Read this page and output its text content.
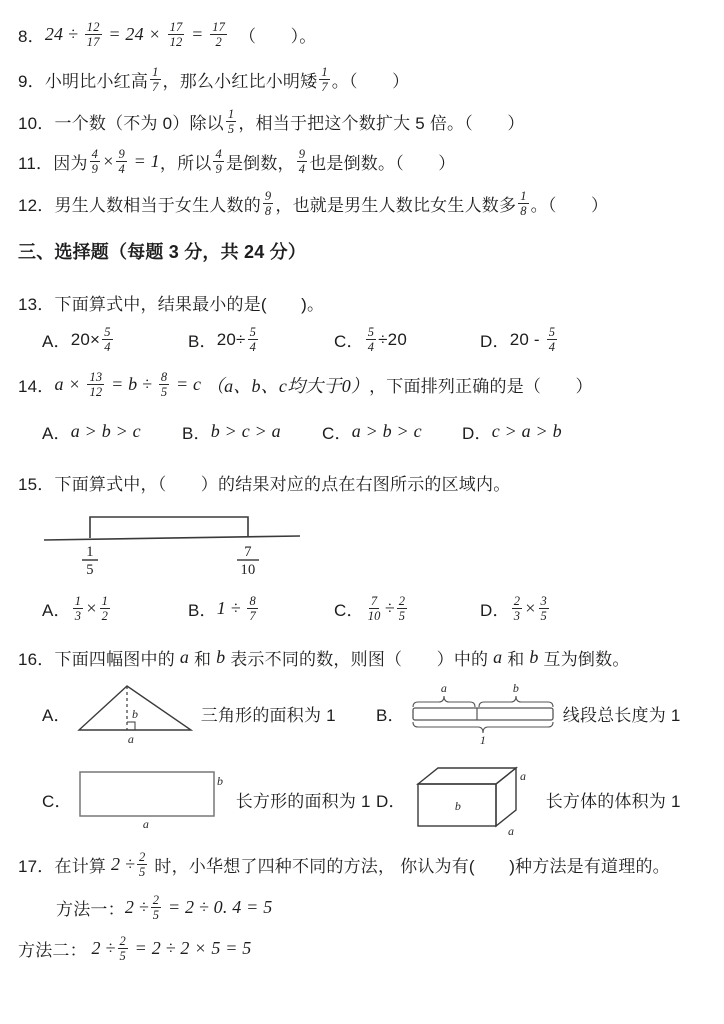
8． $24 \div \frac{12}{17} = 24 \times \frac{17}{12} = \frac{17}{2}$ （　　）。
9．小明比小红高 $\frac{1}{7}$ ，那么小红比小明矮 $\frac{1}{7}$ 。（　　）
10．一个数（不为 0）除以 $\frac{1}{5}$ ，相当于把这个数扩大 5 倍。（　　）
11．因为 $\frac{4}{9} \times \frac{9}{4} = 1$ ，所以 $\frac{4}{9}$ 是倒数， $\frac{9}{4}$ 也是倒数。（　　）
12．男生人数相当于女生人数的 $\frac{9}{8}$ ，也就是男生人数比女生人数多 $\frac{1}{8}$ 。（　　）
三、选择题（每题 3 分，共 24 分）
13．下面算式中，结果最小的是(　　)。
A． $20\times \frac{5}{4}$	B． $20\div \frac{5}{4}$	C． $\frac{5}{4} \div 20$	D． $20 - \frac{5}{4}$
14． $a \times \frac{13}{12} = b \div \frac{8}{5} = c$ （a、b、c均大于0） ，下面排列正确的是（　　）
A． a > b > c B． b > c > a C． a > b > c D． c > a > b
15．下面算式中，（　　）的结果对应的点在右图所示的区域内。
1
5
7
10
A． $\frac{1}{3} \times \frac{1}{2}$	B． $1 \div \frac{8}{7}$	C． $\frac{7}{10} \div \frac{2}{5}$	D． $\frac{2}{3} \times \frac{3}{5}$
16．下面四幅图中的 a 和 b 表示不同的数，则图（　　）中的 a 和 b 互为倒数。
A．	b
a
三角形的面积为 1 B．
a	b
1
线段总长度为 1
C．
b
a
长方形的面积为 1 D．	b
a
a
长方体的体积为 1
17．在计算 $2 \div \frac{2}{5}$ 时，小华想了四种不同的方法， 你认为有(　　)种方法是有道理的。
方法一： $2 \div \frac{2}{5} = 2 \div 0$. 4 = 5
方法二： $2 \div \frac{2}{5} = 2 \div 2 \times 5 = 5$
